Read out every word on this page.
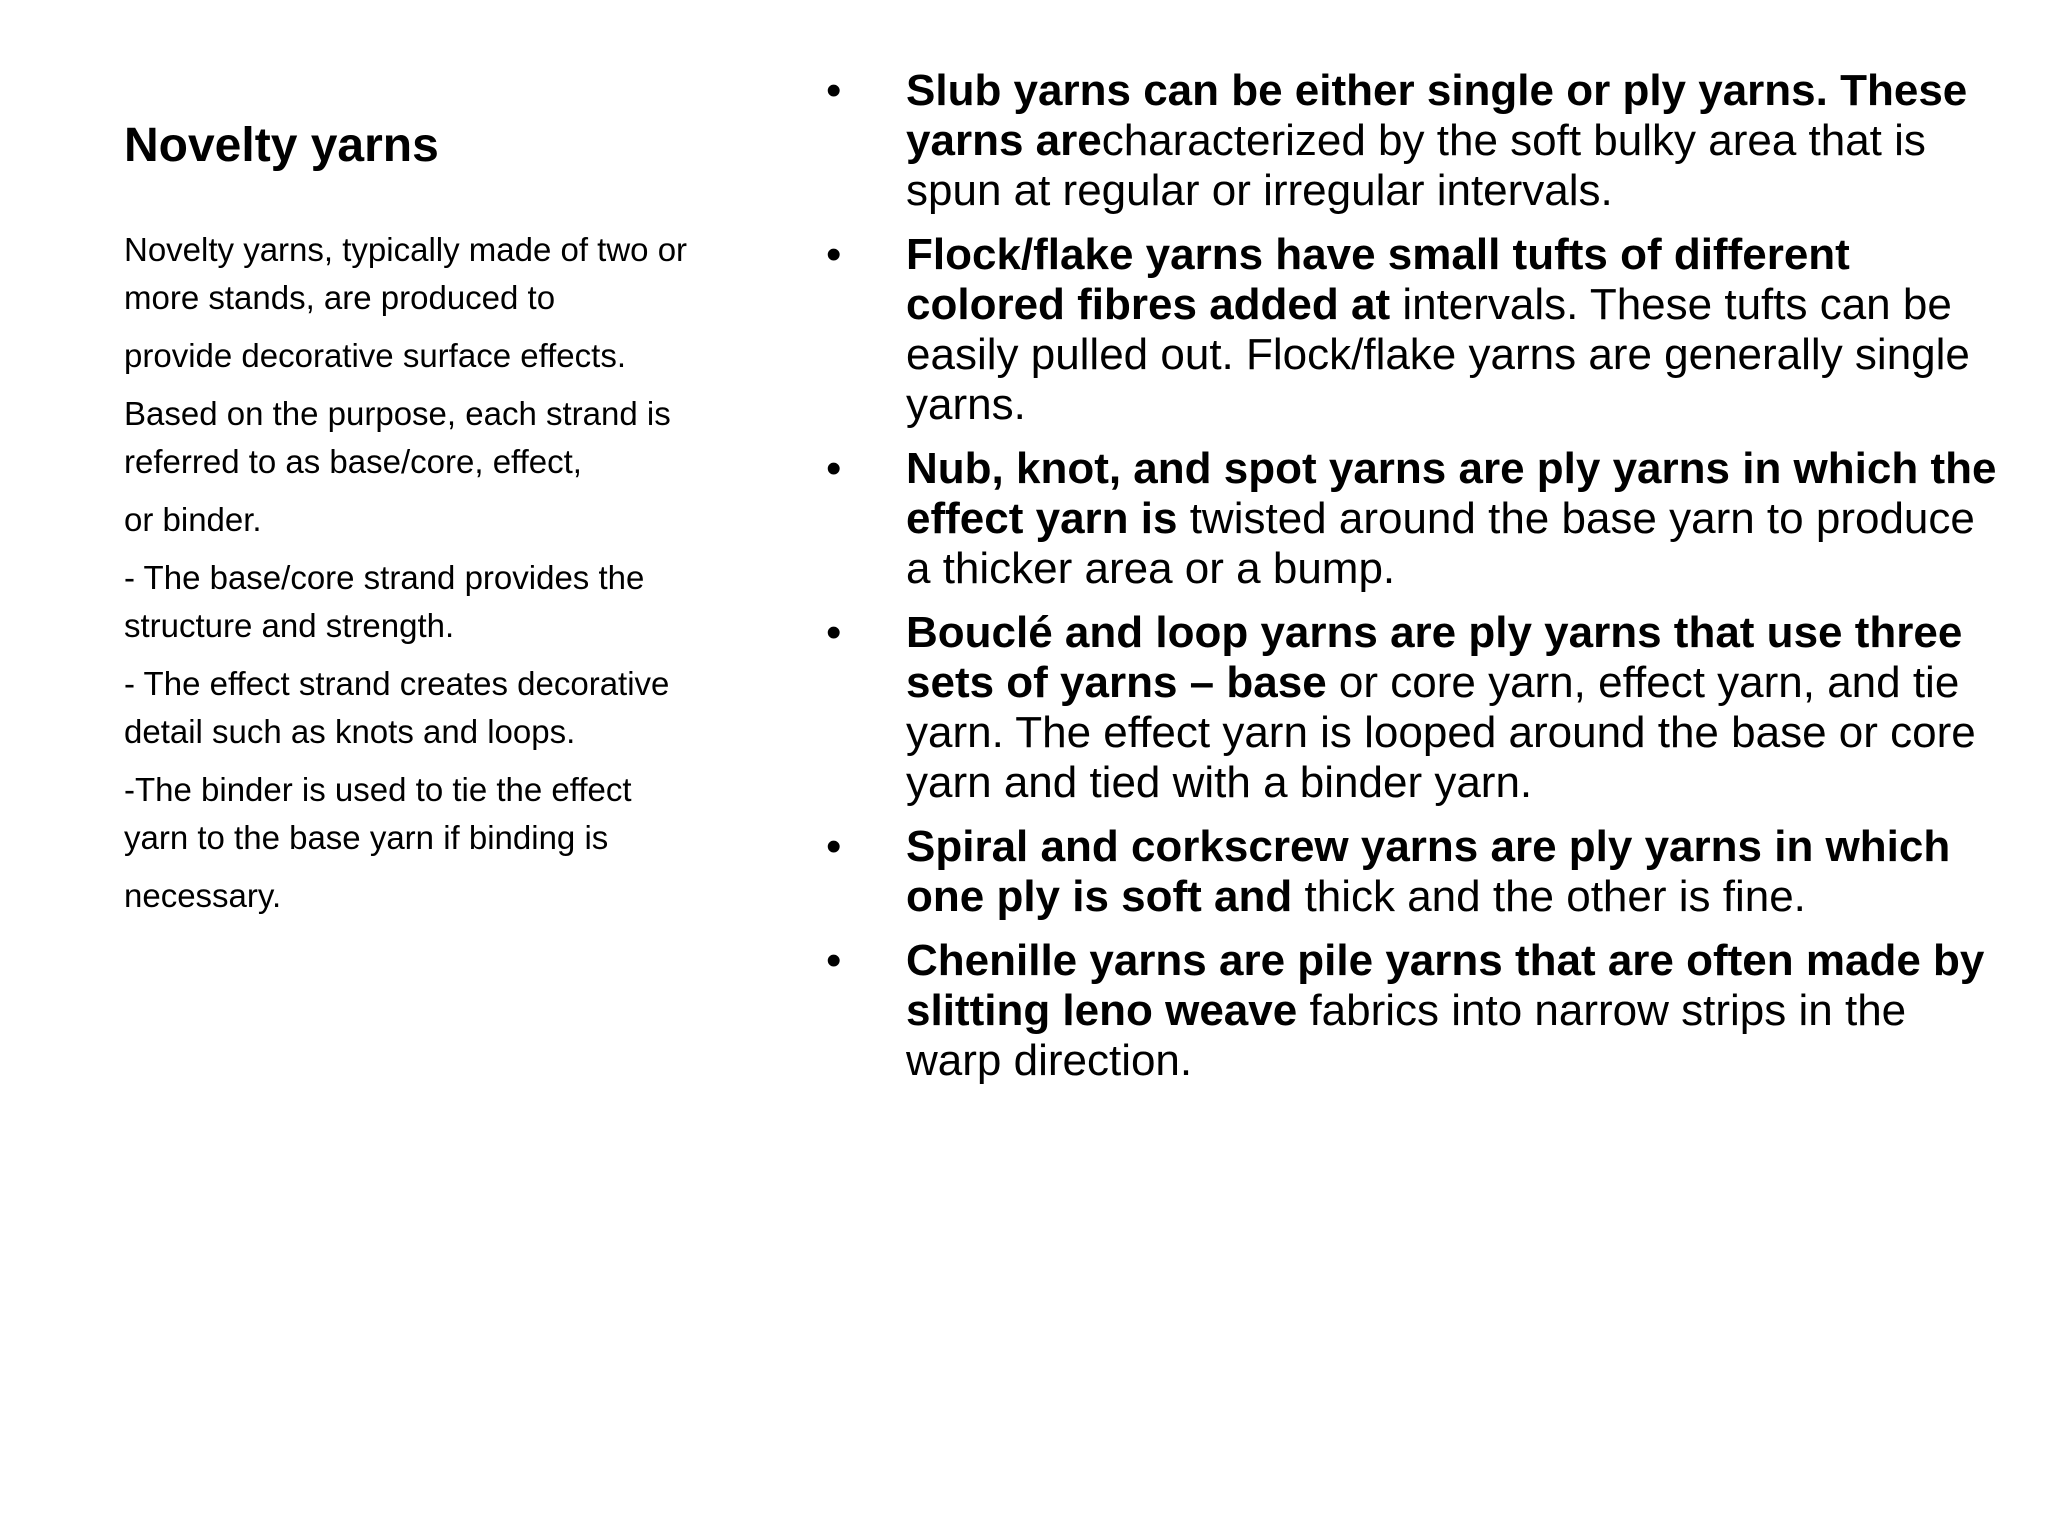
Novelty yarns

Novelty yarns, typically made of two or
more stands, are produced to

provide decorative surface effects.

Based on the purpose, each strand is
referred to as base/core, effect,

or binder.

- The base/core strand provides the
structure and strength.

- The effect strand creates decorative
detail such as knots and loops.

-The binder is used to tie the effect
yarn to the base yarn if binding is

necessary.

• Slub yarns can be either single or ply yarns. These yarns arecharacterized by the soft bulky area that is spun at regular or irregular intervals.
• Flock/flake yarns have small tufts of different colored fibres added at intervals. These tufts can be easily pulled out. Flock/flake yarns are generally single yarns.
• Nub, knot, and spot yarns are ply yarns in which the effect yarn is twisted around the base yarn to produce a thicker area or a bump.
• Bouclé and loop yarns are ply yarns that use three sets of yarns – base or core yarn, effect yarn, and tie yarn. The effect yarn is looped around the base or core yarn and tied with a binder yarn.
• Spiral and corkscrew yarns are ply yarns in which one ply is soft and thick and the other is fine.
• Chenille yarns are pile yarns that are often made by slitting leno weave fabrics into narrow strips in the warp direction.
